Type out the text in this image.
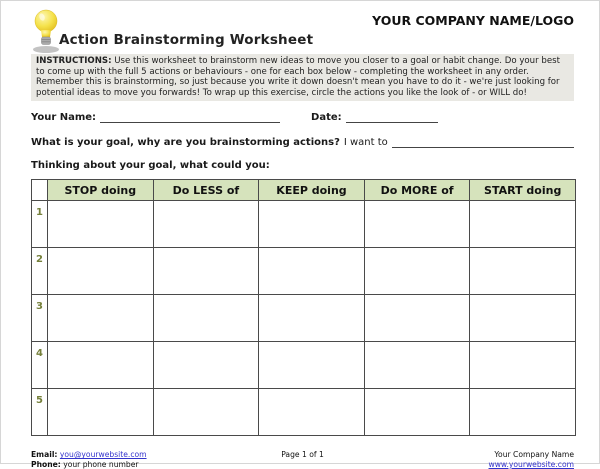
Action Brainstorming Worksheet
YOUR COMPANY NAME/LOGO
INSTRUCTIONS: Use this worksheet to brainstorm new ideas to move you closer to a goal or habit change. Do your best to come up with the full 5 actions or behaviours - one for each box below - completing the worksheet in any order. Remember this is brainstorming, so just because you write it down doesn't mean you have to do it - we're just looking for potential ideas to move you forwards! To wrap up this exercise, circle the actions you like the look of - or WILL do!
Your Name:	Date:
What is your goal, why are you brainstorming actions? I want to
Thinking about your goal, what could you:
	STOP doing	Do LESS of	KEEP doing	Do MORE of	START doing
1					
2					
3					
4					
5					
Email: you@yourwebsite.com
Phone: your phone number
Page 1 of 1	Your Company Name
www.yourwebsite.com
